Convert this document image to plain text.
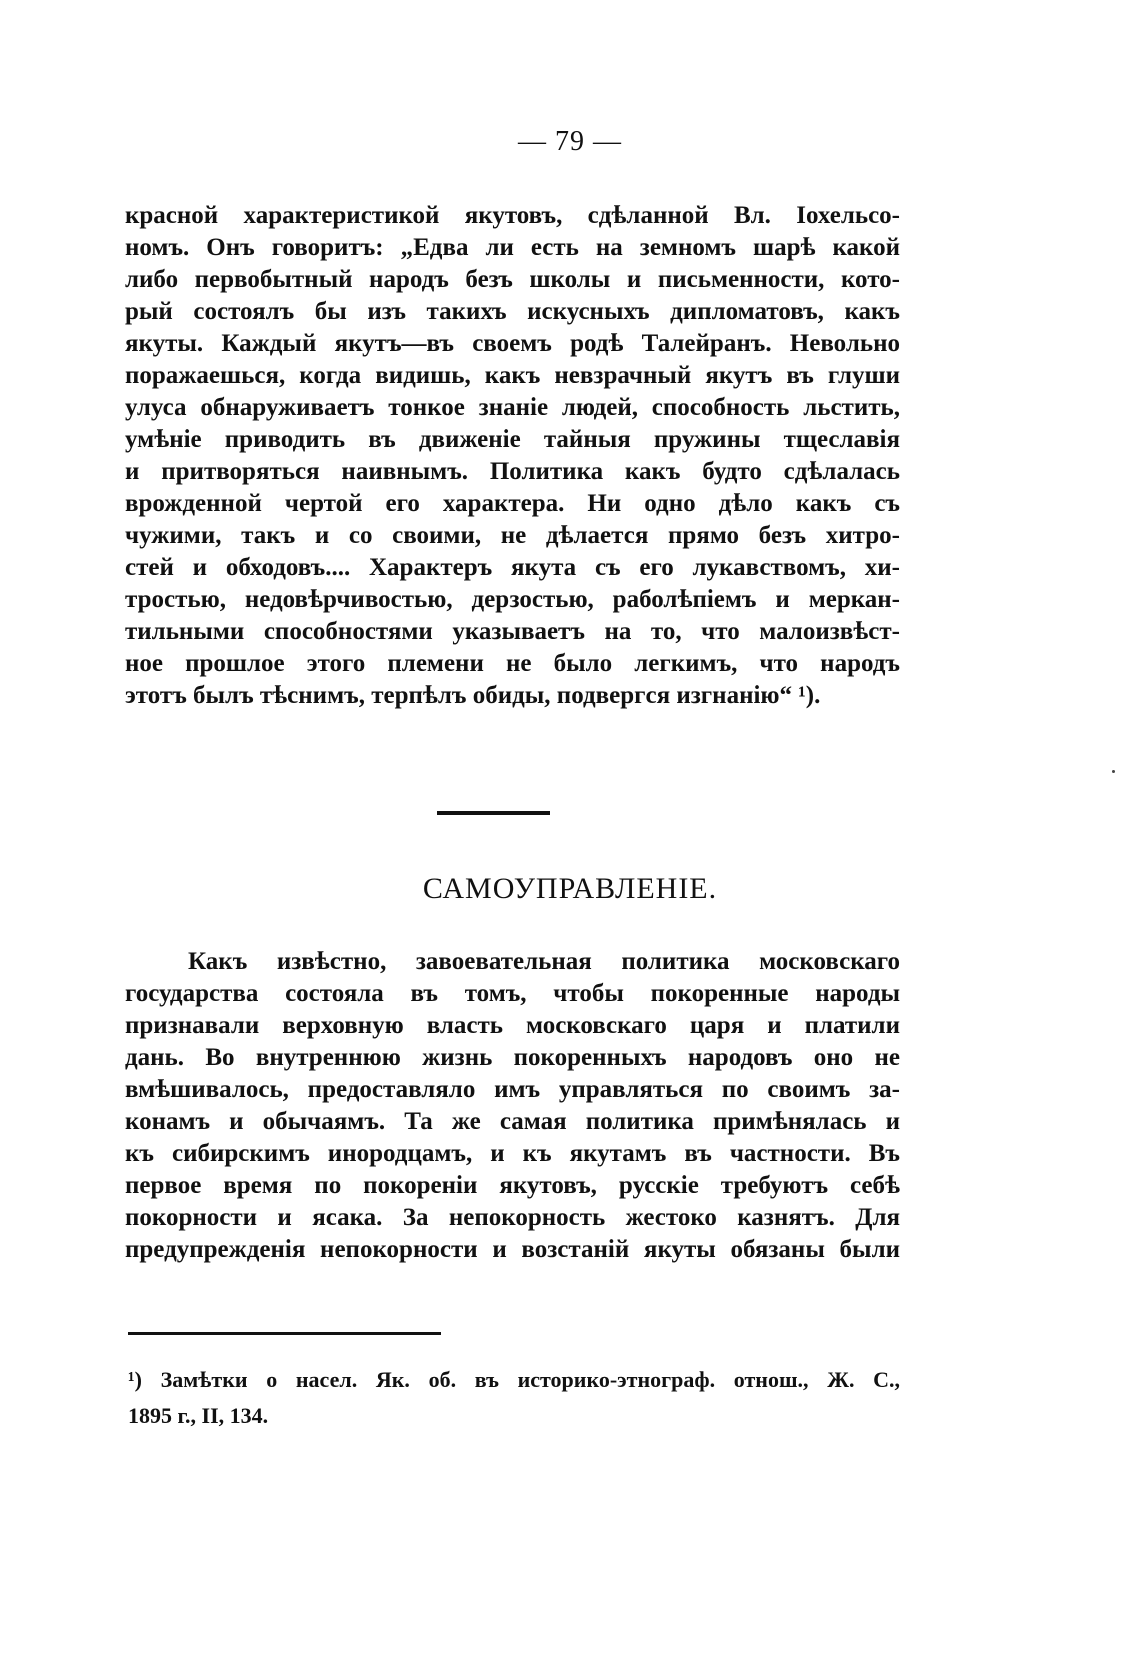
— 79 —
красной характеристикой якутовъ, сдѣланной Вл. Іохельсо-
номъ. Онъ говоритъ: „Едва ли есть на земномъ шарѣ какой
либо первобытный народъ безъ школы и письменности, кото-
рый состоялъ бы изъ такихъ искусныхъ дипломатовъ, какъ
якуты. Каждый якутъ—въ своемъ родѣ Талейранъ. Невольно
поражаешься, когда видишь, какъ невзрачный якутъ въ глуши
улуса обнаруживаетъ тонкое знаніе людей, способность льстить,
умѣніе приводить въ движеніе тайныя пружины тщеславія
и притворяться наивнымъ. Политика какъ будто сдѣлалась
врожденной чертой его характера. Ни одно дѣло какъ съ
чужими, такъ и со своими, не дѣлается прямо безъ хитро-
стей и обходовъ.... Характеръ якута съ его лукавствомъ, хи-
тростью, недовѣрчивостью, дерзостью, раболѣпіемъ и меркан-
тильными способностями указываетъ на то, что малоизвѣст-
ное прошлое этого племени не было легкимъ, что народъ
этотъ былъ тѣснимъ, терпѣлъ обиды, подвергся изгнанію“ ¹).
САМОУПРАВЛЕНІЕ.
Какъ извѣстно, завоевательная политика московскаго
государства состояла въ томъ, чтобы покоренные народы
признавали верховную власть московскаго царя и платили
дань. Во внутреннюю жизнь покоренныхъ народовъ оно не
вмѣшивалось, предоставляло имъ управляться по своимъ за-
конамъ и обычаямъ. Та же самая политика примѣнялась и
къ сибирскимъ инородцамъ, и къ якутамъ въ частности. Въ
первое время по покореніи якутовъ, русскіе требуютъ себѣ
покорности и ясака. За непокорность жестоко казнятъ. Для
предупрежденія непокорности и возстаній якуты обязаны были
¹) Замѣтки о насел. Як. об. въ историко-этнограф. отнош., Ж. С.,
1895 г., II, 134.
